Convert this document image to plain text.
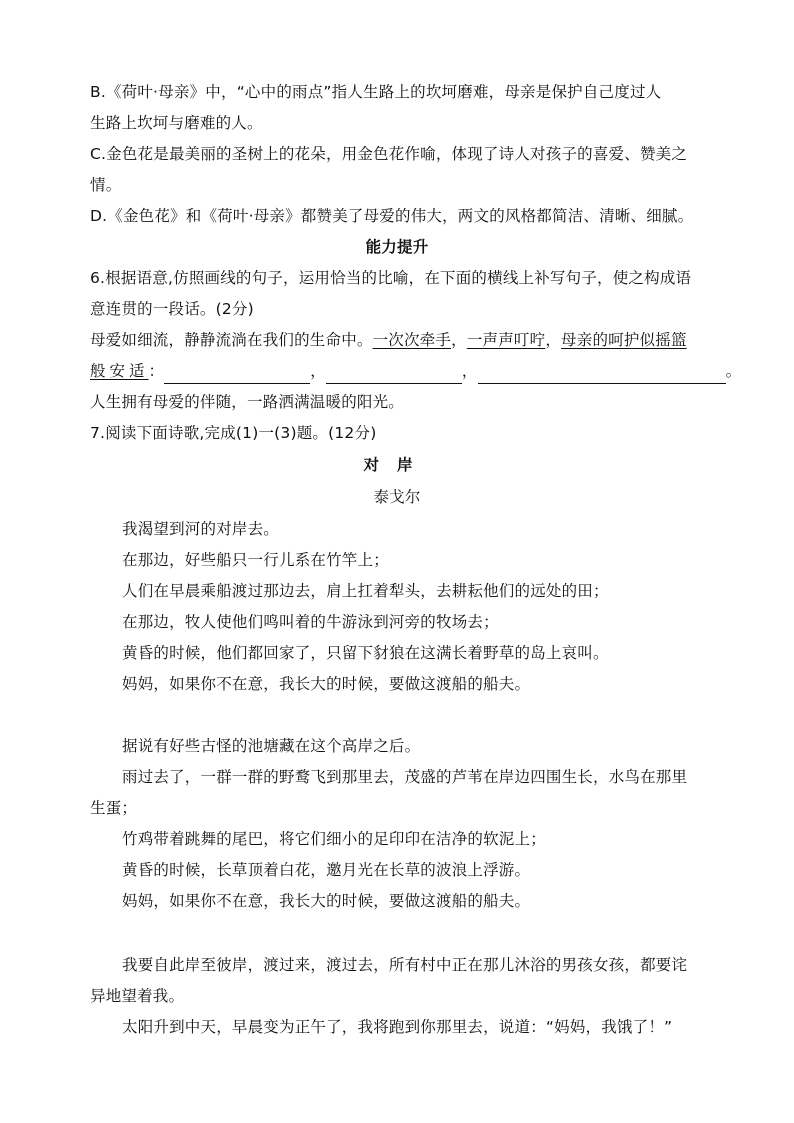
B.《荷叶·母亲》中，“心中的雨点”指人生路上的坎坷磨难，母亲是保护自己度过人
生路上坎坷与磨难的人。
C.金色花是最美丽的圣树上的花朵，用金色花作喻，体现了诗人对孩子的喜爱、赞美之
情。
D.《金色花》和《荷叶·母亲》都赞美了母爱的伟大，两文的风格都简洁、清晰、细腻。
能力提升
6.根据语意,仿照画线的句子，运用恰当的比喻，在下面的横线上补写句子，使之构成语
意连贯的一段话。(2分)
母爱如细流，静静流淌在我们的生命中。一次次牵手，一声声叮咛，母亲的呵护似摇篮
般安适：	，	，	。
人生拥有母爱的伴随，一路洒满温暖的阳光。
7.阅读下面诗歌,完成(1)一(3)题。(12分)
对岸
泰戈尔
我渴望到河的对岸去。
在那边，好些船只一行儿系在竹竿上；
人们在早晨乘船渡过那边去，肩上扛着犁头，去耕耘他们的远处的田；
在那边，牧人使他们鸣叫着的牛游泳到河旁的牧场去；
黄昏的时候，他们都回家了，只留下豺狼在这满长着野草的岛上哀叫。
妈妈，如果你不在意，我长大的时候，要做这渡船的船夫。
据说有好些古怪的池塘藏在这个高岸之后。
雨过去了，一群一群的野鹜飞到那里去，茂盛的芦苇在岸边四围生长，水鸟在那里
生蛋；
竹鸡带着跳舞的尾巴，将它们细小的足印印在洁净的软泥上；
黄昏的时候，长草顶着白花，邀月光在长草的波浪上浮游。
妈妈，如果你不在意，我长大的时候，要做这渡船的船夫。
我要自此岸至彼岸，渡过来，渡过去，所有村中正在那儿沐浴的男孩女孩，都要诧
异地望着我。
太阳升到中天，早晨变为正午了，我将跑到你那里去，说道：“妈妈，我饿了！”
